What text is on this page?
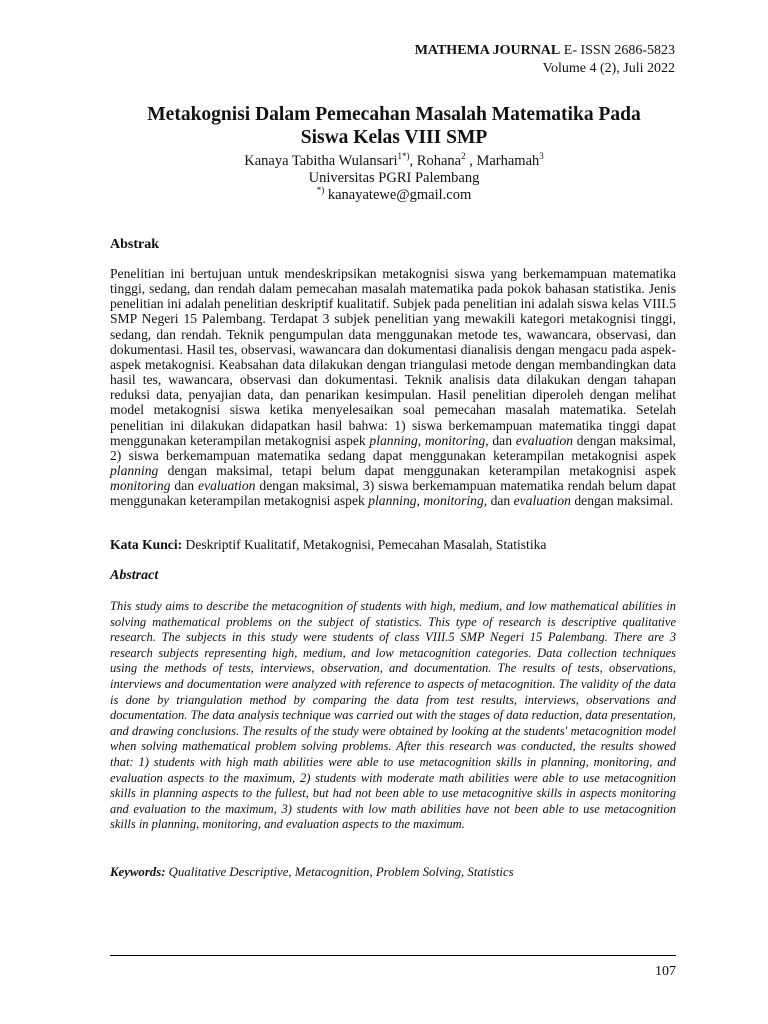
MATHEMA JOURNAL E- ISSN 2686-5823
Volume 4 (2), Juli 2022
Metakognisi Dalam Pemecahan Masalah Matematika Pada
Siswa Kelas VIII SMP
Kanaya Tabitha Wulansari$^{1*)}$, Rohana$^2$ , Marhamah$^3$
Universitas PGRI Palembang
*) kanayatewe@gmail.com
Abstrak

Penelitian ini bertujuan untuk mendeskripsikan metakognisi siswa yang berkemampuan matematika tinggi, sedang, dan rendah dalam pemecahan masalah matematika pada pokok bahasan statistika. Jenis penelitian ini adalah penelitian deskriptif kualitatif. Subjek pada penelitian ini adalah siswa kelas VIII.5 SMP Negeri 15 Palembang. Terdapat 3 subjek penelitian yang mewakili kategori metakognisi tinggi, sedang, dan rendah. Teknik pengumpulan data menggunakan metode tes, wawancara, observasi, dan dokumentasi. Hasil tes, observasi, wawancara dan dokumentasi dianalisis dengan mengacu pada aspek-aspek metakognisi. Keabsahan data dilakukan dengan triangulasi metode dengan membandingkan data hasil tes, wawancara, observasi dan dokumentasi. Teknik analisis data dilakukan dengan tahapan reduksi data, penyajian data, dan penarikan kesimpulan. Hasil penelitian diperoleh dengan melihat model metakognisi siswa ketika menyelesaikan soal pemecahan masalah matematika. Setelah penelitian ini dilakukan didapatkan hasil bahwa: 1) siswa berkemampuan matematika tinggi dapat menggunakan keterampilan metakognisi aspek planning, monitoring, dan evaluation dengan maksimal, 2) siswa berkemampuan matematika sedang dapat menggunakan keterampilan metakognisi aspek planning dengan maksimal, tetapi belum dapat menggunakan keterampilan metakognisi aspek monitoring dan evaluation dengan maksimal, 3) siswa berkemampuan matematika rendah belum dapat menggunakan keterampilan metakognisi aspek planning, monitoring, dan evaluation dengan maksimal.

Kata Kunci: Deskriptif Kualitatif, Metakognisi, Pemecahan Masalah, Statistika
Abstract

This study aims to describe the metacognition of students with high, medium, and low mathematical abilities in solving mathematical problems on the subject of statistics. This type of research is descriptive qualitative research. The subjects in this study were students of class VIII.5 SMP Negeri 15 Palembang. There are 3 research subjects representing high, medium, and low metacognition categories. Data collection techniques using the methods of tests, interviews, observation, and documentation. The results of tests, observations, interviews and documentation were analyzed with reference to aspects of metacognition. The validity of the data is done by triangulation method by comparing the data from test results, interviews, observations and documentation. The data analysis technique was carried out with the stages of data reduction, data presentation, and drawing conclusions. The results of the study were obtained by looking at the students' metacognition model when solving mathematical problem solving problems. After this research was conducted, the results showed that: 1) students with high math abilities were able to use metacognition skills in planning, monitoring, and evaluation aspects to the maximum, 2) students with moderate math abilities were able to use metacognition skills in planning aspects to the fullest, but had not been able to use metacognitive skills in aspects monitoring and evaluation to the maximum, 3) students with low math abilities have not been able to use metacognition skills in planning, monitoring, and evaluation aspects to the maximum.

Keywords: Qualitative Descriptive, Metacognition, Problem Solving, Statistics
107
